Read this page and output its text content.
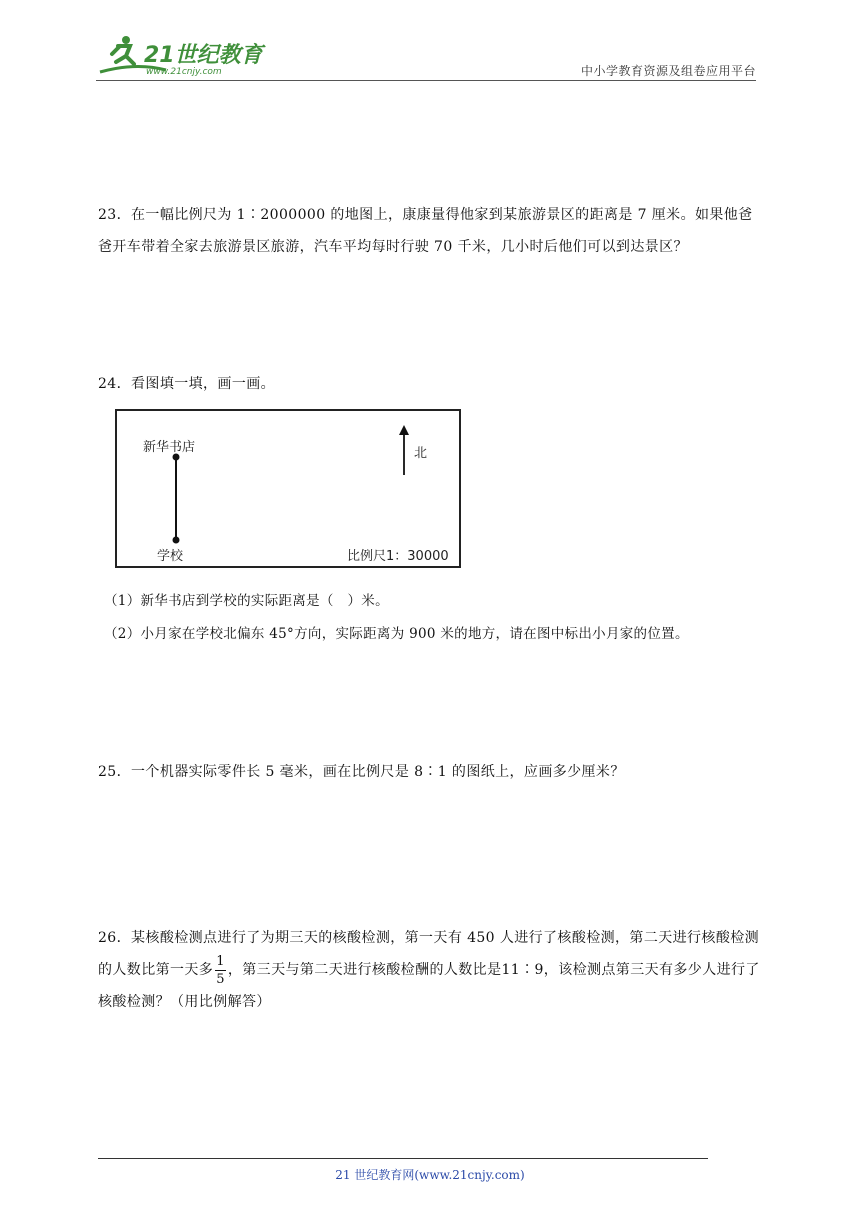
21世纪教育
www.21cnjy.com	中小学教育资源及组卷应用平台
23．在一幅比例尺为 1∶2000000 的地图上，康康量得他家到某旅游景区的距离是 7 厘米。如果他爸爸开车带着全家去旅游景区旅游，汽车平均每时行驶 70 千米，几小时后他们可以到达景区？
24．看图填一填，画一画。
新华书店
学校
北
比例尺1：30000
（1）新华书店到学校的实际距离是（　）米。
（2）小月家在学校北偏东 45°方向，实际距离为 900 米的地方，请在图中标出小月家的位置。
25．一个机器实际零件长 5 毫米，画在比例尺是 8∶1 的图纸上，应画多少厘米？
26．某核酸检测点进行了为期三天的核酸检测，第一天有 450 人进行了核酸检测，第二天进行核酸检测的人数比第一天多 $\frac{1}{5}$ ，第三天与第二天进行核酸检酬的人数比是11∶9，该检测点第三天有多少人进行了核酸检测？（用比例解答）
21 世纪教育网(www.21cnjy.com)
